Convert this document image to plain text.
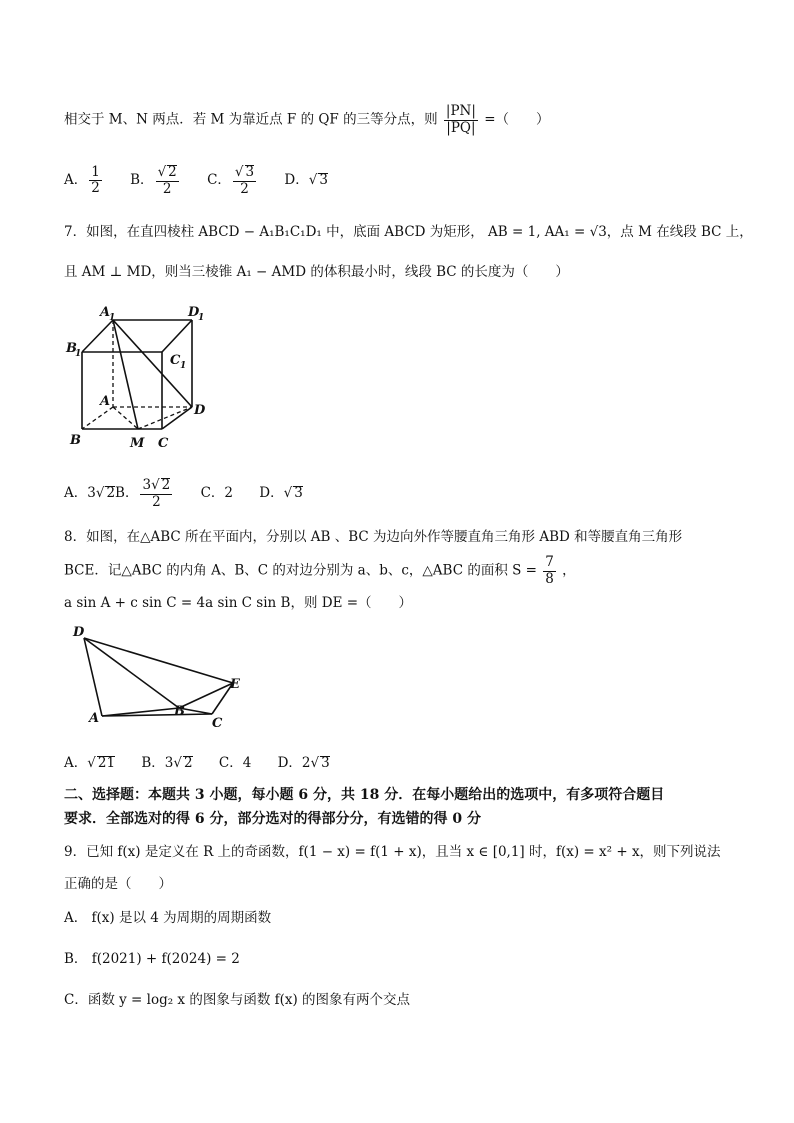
相交于 M、N 两点．若 M 为靠近点 F 的 QF 的三等分点，则 $\frac{|PN|}{|PQ|}$ =（　　）
A． $\frac{1}{2}$ B． $\frac{√ 2}{2}$ C． $\frac{√ 3}{2}$ D．√ 3
7．如图，在直四棱柱 ABCD − A₁B₁C₁D₁ 中，底面 ABCD 为矩形， AB = 1, AA₁ = √3，点 M 在线段 BC 上，
且 AM ⊥ MD，则当三棱锥 A₁ − AMD 的体积最小时，线段 BC 的长度为（　　）
A
1	D
1
B
1	C 1
A
D
B	M C
A．3√ 2B． $\frac{3√ 2}{2}$ C．2 D．√ 3
8．如图，在△ABC 所在平面内，分别以 AB 、BC 为边向外作等腰直角三角形 ABD 和等腰直角三角形
BCE．记△ABC 的内角 A、B、C 的对边分别为 a、b、c，△ABC 的面积 $S = \frac{7}{8}$ ，
a sin A + c sin C = 4a sin C sin B，则 DE =（　　）
D
E
A	B
C
A．√ 21 B．3√ 2 C．4 D．2√ 3
二、选择题：本题共 3 小题，每小题 6 分，共 18 分．在每小题给出的选项中，有多项符合题目
要求．全部选对的得 6 分，部分选对的得部分分，有选错的得 0 分
9．已知 f(x) 是定义在 R 上的奇函数，f(1 − x) = f(1 + x)，且当 x ∈ [0,1] 时，f(x) = x² + x，则下列说法
正确的是（　　）
A． f(x) 是以 4 为周期的周期函数
B． f(2021) + f(2024) = 2
C．函数 y = log₂ x 的图象与函数 f(x) 的图象有两个交点
